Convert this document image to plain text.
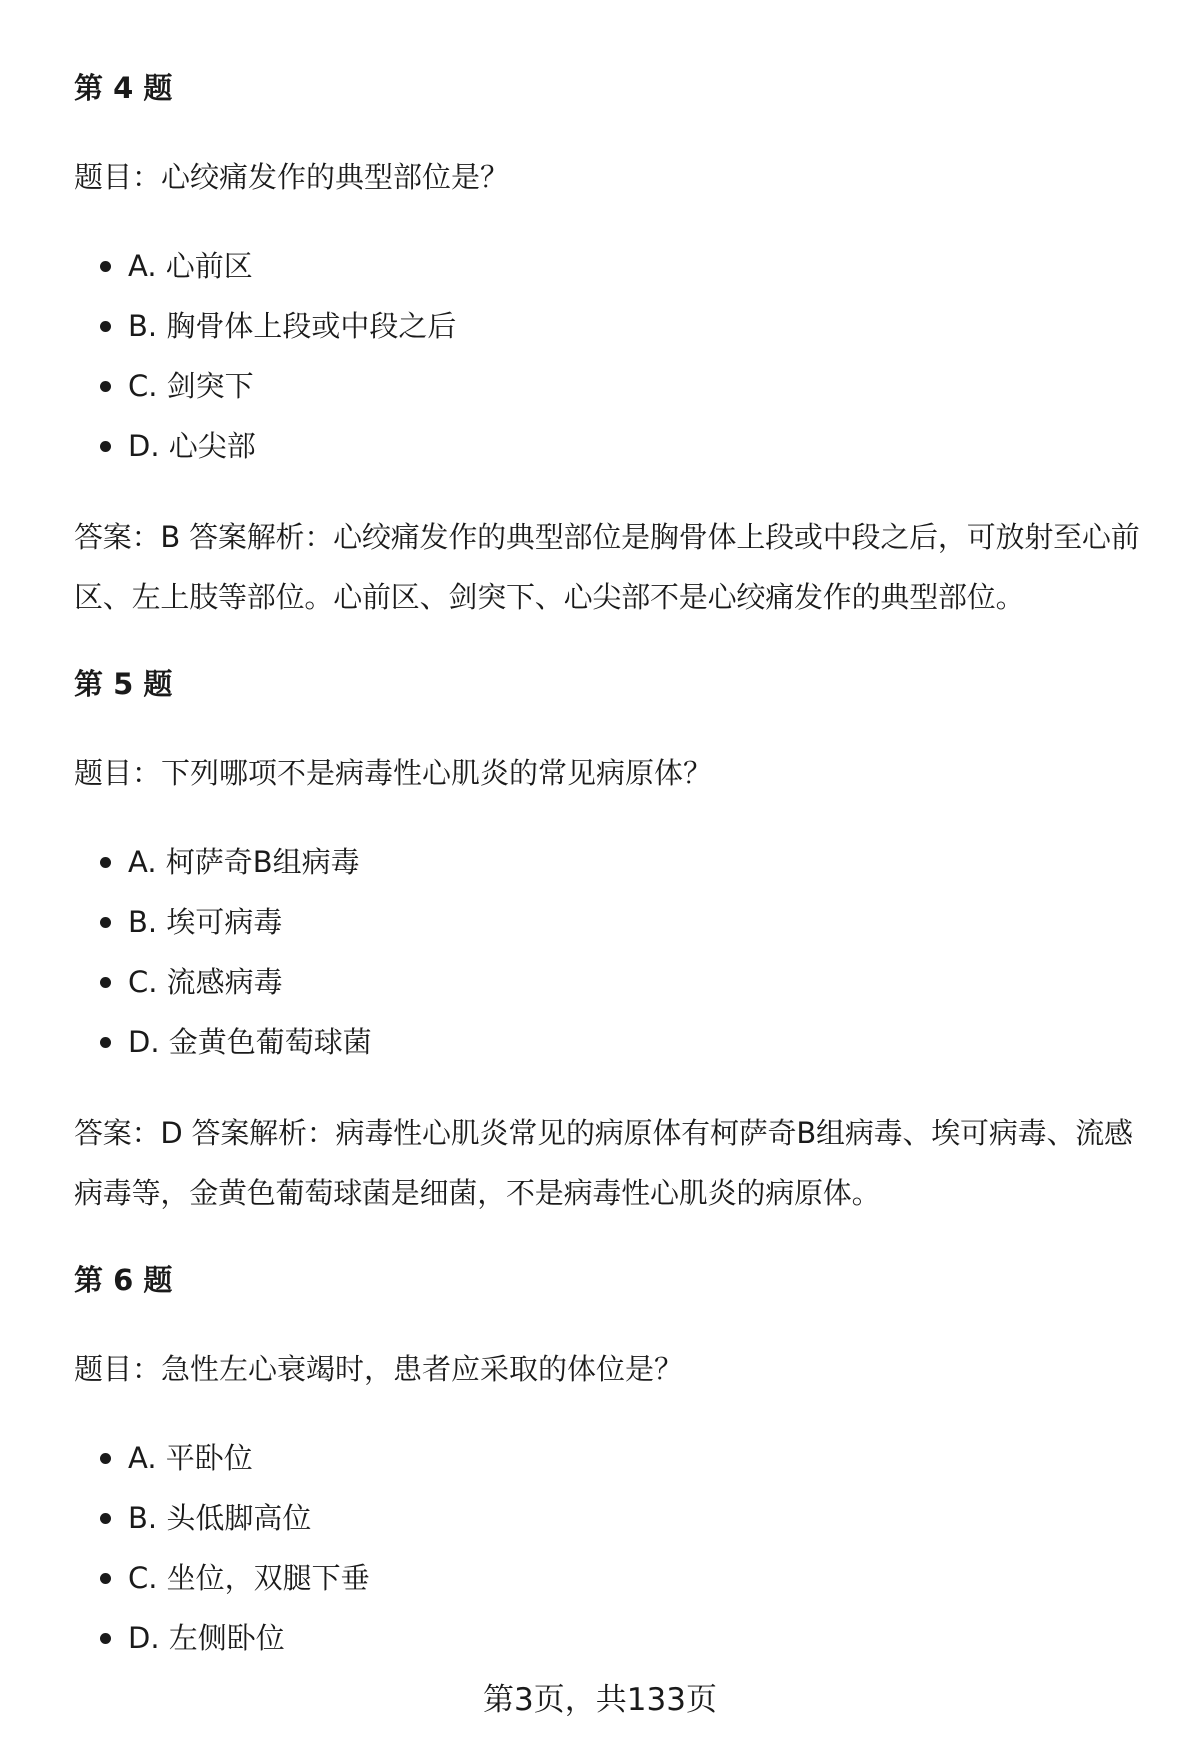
第 4 题

题目：心绞痛发作的典型部位是？

A. 心前区
B. 胸骨体上段或中段之后
C. 剑突下
D. 心尖部

答案：B 答案解析：心绞痛发作的典型部位是胸骨体上段或中段之后，可放射至心前区、左上肢等部位。心前区、剑突下、心尖部不是心绞痛发作的典型部位。

第 5 题

题目：下列哪项不是病毒性心肌炎的常见病原体？

A. 柯萨奇B组病毒
B. 埃可病毒
C. 流感病毒
D. 金黄色葡萄球菌

答案：D 答案解析：病毒性心肌炎常见的病原体有柯萨奇B组病毒、埃可病毒、流感病毒等，金黄色葡萄球菌是细菌，不是病毒性心肌炎的病原体。

第 6 题

题目：急性左心衰竭时，患者应采取的体位是？

A. 平卧位
B. 头低脚高位
C. 坐位，双腿下垂
D. 左侧卧位
第3页，共133页
